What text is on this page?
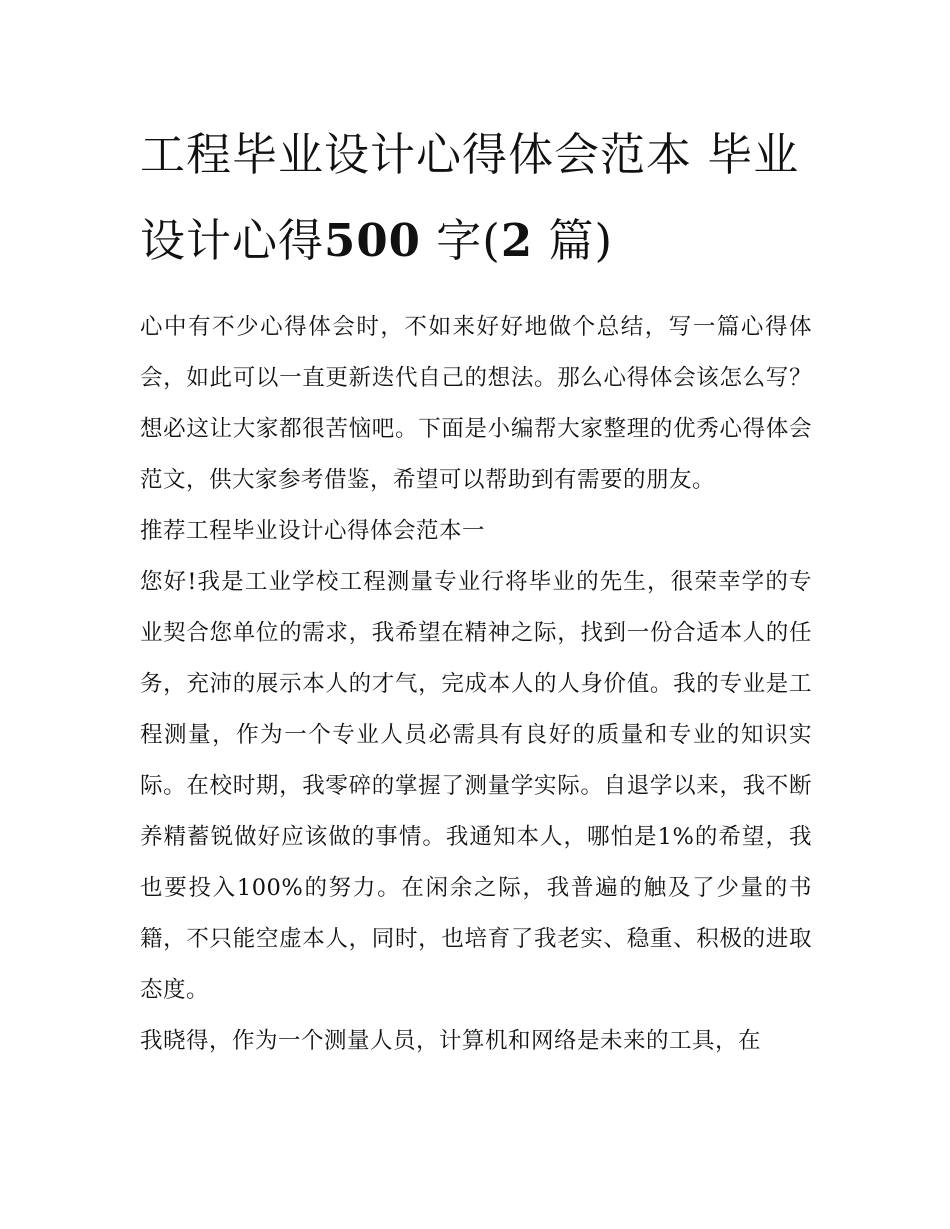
工程毕业设计心得体会范本 毕业设计心得500 字(2 篇)

心中有不少心得体会时，不如来好好地做个总结，写一篇心得体会，如此可以一直更新迭代自己的想法。那么心得体会该怎么写？想必这让大家都很苦恼吧。下面是小编帮大家整理的优秀心得体会范文，供大家参考借鉴，希望可以帮助到有需要的朋友。

推荐工程毕业设计心得体会范本一

您好!我是工业学校工程测量专业行将毕业的先生，很荣幸学的专业契合您单位的需求，我希望在精神之际，找到一份合适本人的任务，充沛的展示本人的才气，完成本人的人身价值。我的专业是工程测量，作为一个专业人员必需具有良好的质量和专业的知识实际。在校时期，我零碎的掌握了测量学实际。自退学以来，我不断养精蓄锐做好应该做的事情。我通知本人，哪怕是1%的希望，我也要投入100%的努力。在闲余之际，我普遍的触及了少量的书籍，不只能空虚本人，同时，也培育了我老实、稳重、积极的进取态度。

我晓得，作为一个测量人员，计算机和网络是未来的工具，在
